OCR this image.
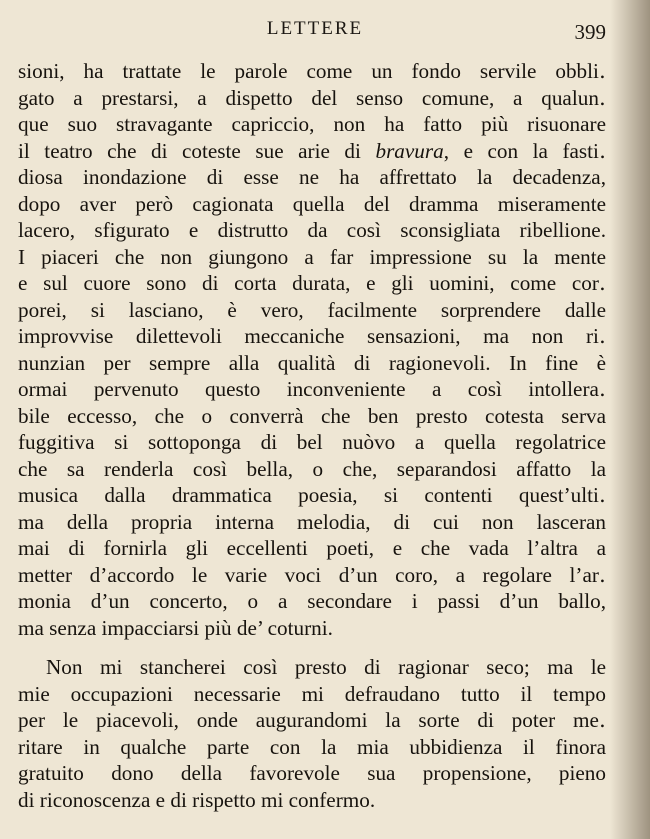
LETTERE	399
sioni, ha trattate le parole come un fondo servile obbli․
gato a prestarsi, a dispetto del senso comune, a qualun․
que suo stravagante capriccio, non ha fatto più risuonare
il teatro che di coteste sue arie di bravura, e con la fasti․
diosa inondazione di esse ne ha affrettato la decadenza,
dopo aver però cagionata quella del dramma miseramente
lacero, sfigurato e distrutto da così sconsigliata ribellione.
I piaceri che non giungono a far impressione su la mente
e sul cuore sono di corta durata, e gli uomini, come cor․
porei, si lasciano, è vero, facilmente sorprendere dalle
improvvise dilettevoli meccaniche sensazioni, ma non ri․
nunzian per sempre alla qualità di ragionevoli. In fine è
ormai pervenuto questo inconveniente a così intollera․
bile eccesso, che o converrà che ben presto cotesta serva
fuggitiva si sottoponga di bel nuòvo a quella regolatrice
che sa renderla così bella, o che, separandosi affatto la
musica dalla drammatica poesia, si contenti quest’ulti․
ma della propria interna melodia, di cui non lasceran
mai di fornirla gli eccellenti poeti, e che vada l’altra a
metter d’accordo le varie voci d’un coro, a regolare l’ar․
monia d’un concerto, o a secondare i passi d’un ballo,
ma senza impacciarsi più de’ coturni.
Non mi stancherei così presto di ragionar seco; ma le
mie occupazioni necessarie mi defraudano tutto il tempo
per le piacevoli, onde augurandomi la sorte di poter me․
ritare in qualche parte con la mia ubbidienza il finora
gratuito dono della favorevole sua propensione, pieno
di riconoscenza e di rispetto mi confermo.
